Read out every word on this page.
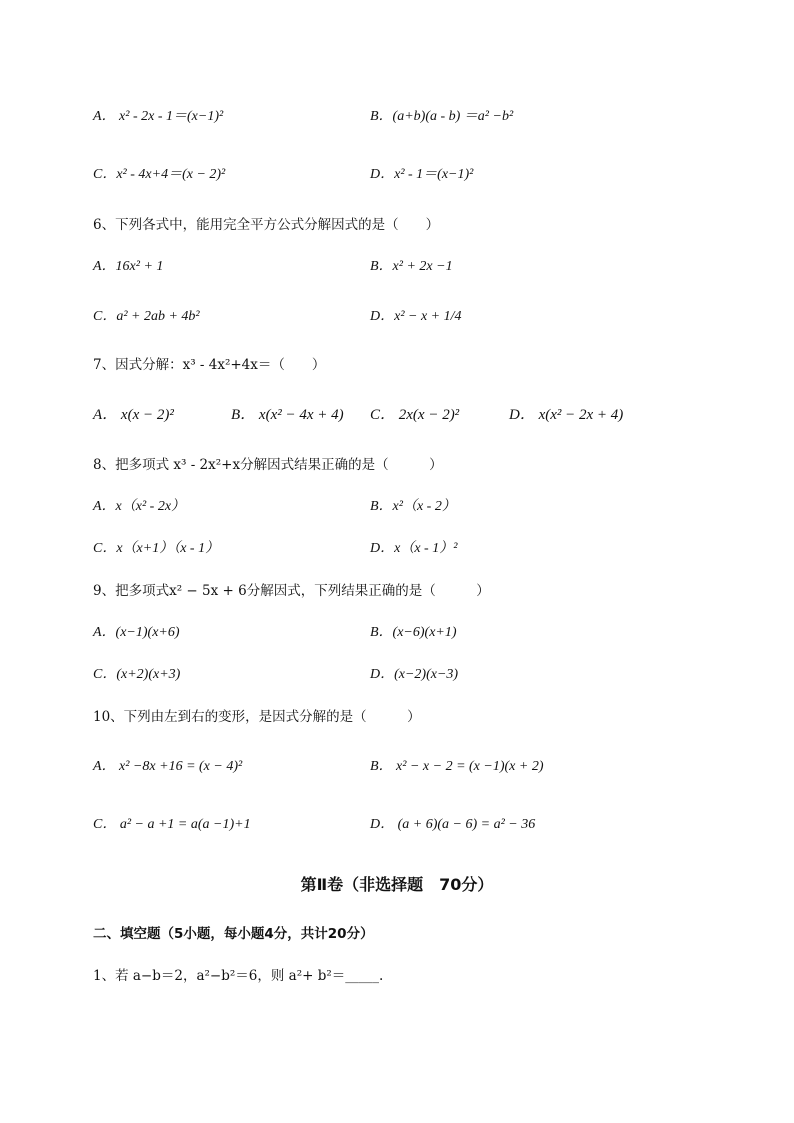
A． x² - 2x - 1＝(x−1)²	B．(a+b)(a - b) ＝a² −b²
C．x² - 4x+4＝(x − 2)²	D．x² - 1＝(x−1)²
6、下列各式中，能用完全平方公式分解因式的是（　　）
A．16x² + 1	B．x² + 2x −1
C．a² + 2ab + 4b²	D．x² − x + 1/4
7、因式分解：x³ - 4x²+4x＝（　　）
A． x(x − 2)²	B． x(x² − 4x + 4) C． 2x(x − 2)²	D． x(x² − 2x + 4)
8、把多项式 x³ - 2x²+x分解因式结果正确的是（　　　）
A．x（x² - 2x）	B．x²（x - 2）
C．x（x+1）（x - 1）	D．x（x - 1）²
9、把多项式x² − 5x + 6分解因式，下列结果正确的是（　　　）
A．(x−1)(x+6)	B．(x−6)(x+1)
C．(x+2)(x+3)	D．(x−2)(x−3)
10、下列由左到右的变形，是因式分解的是（　　　）
A． x² −8x +16 = (x − 4)²	B． x² − x − 2 = (x −1)(x + 2)
C． a² − a +1 = a(a −1)+1	D． (a + 6)(a − 6) = a² − 36
第Ⅱ卷（非选择题　70分）
二、填空题（5小题，每小题4分，共计20分）
1、若 a−b＝2，a²−b²＝6，则 a²+ b²＝_____.
